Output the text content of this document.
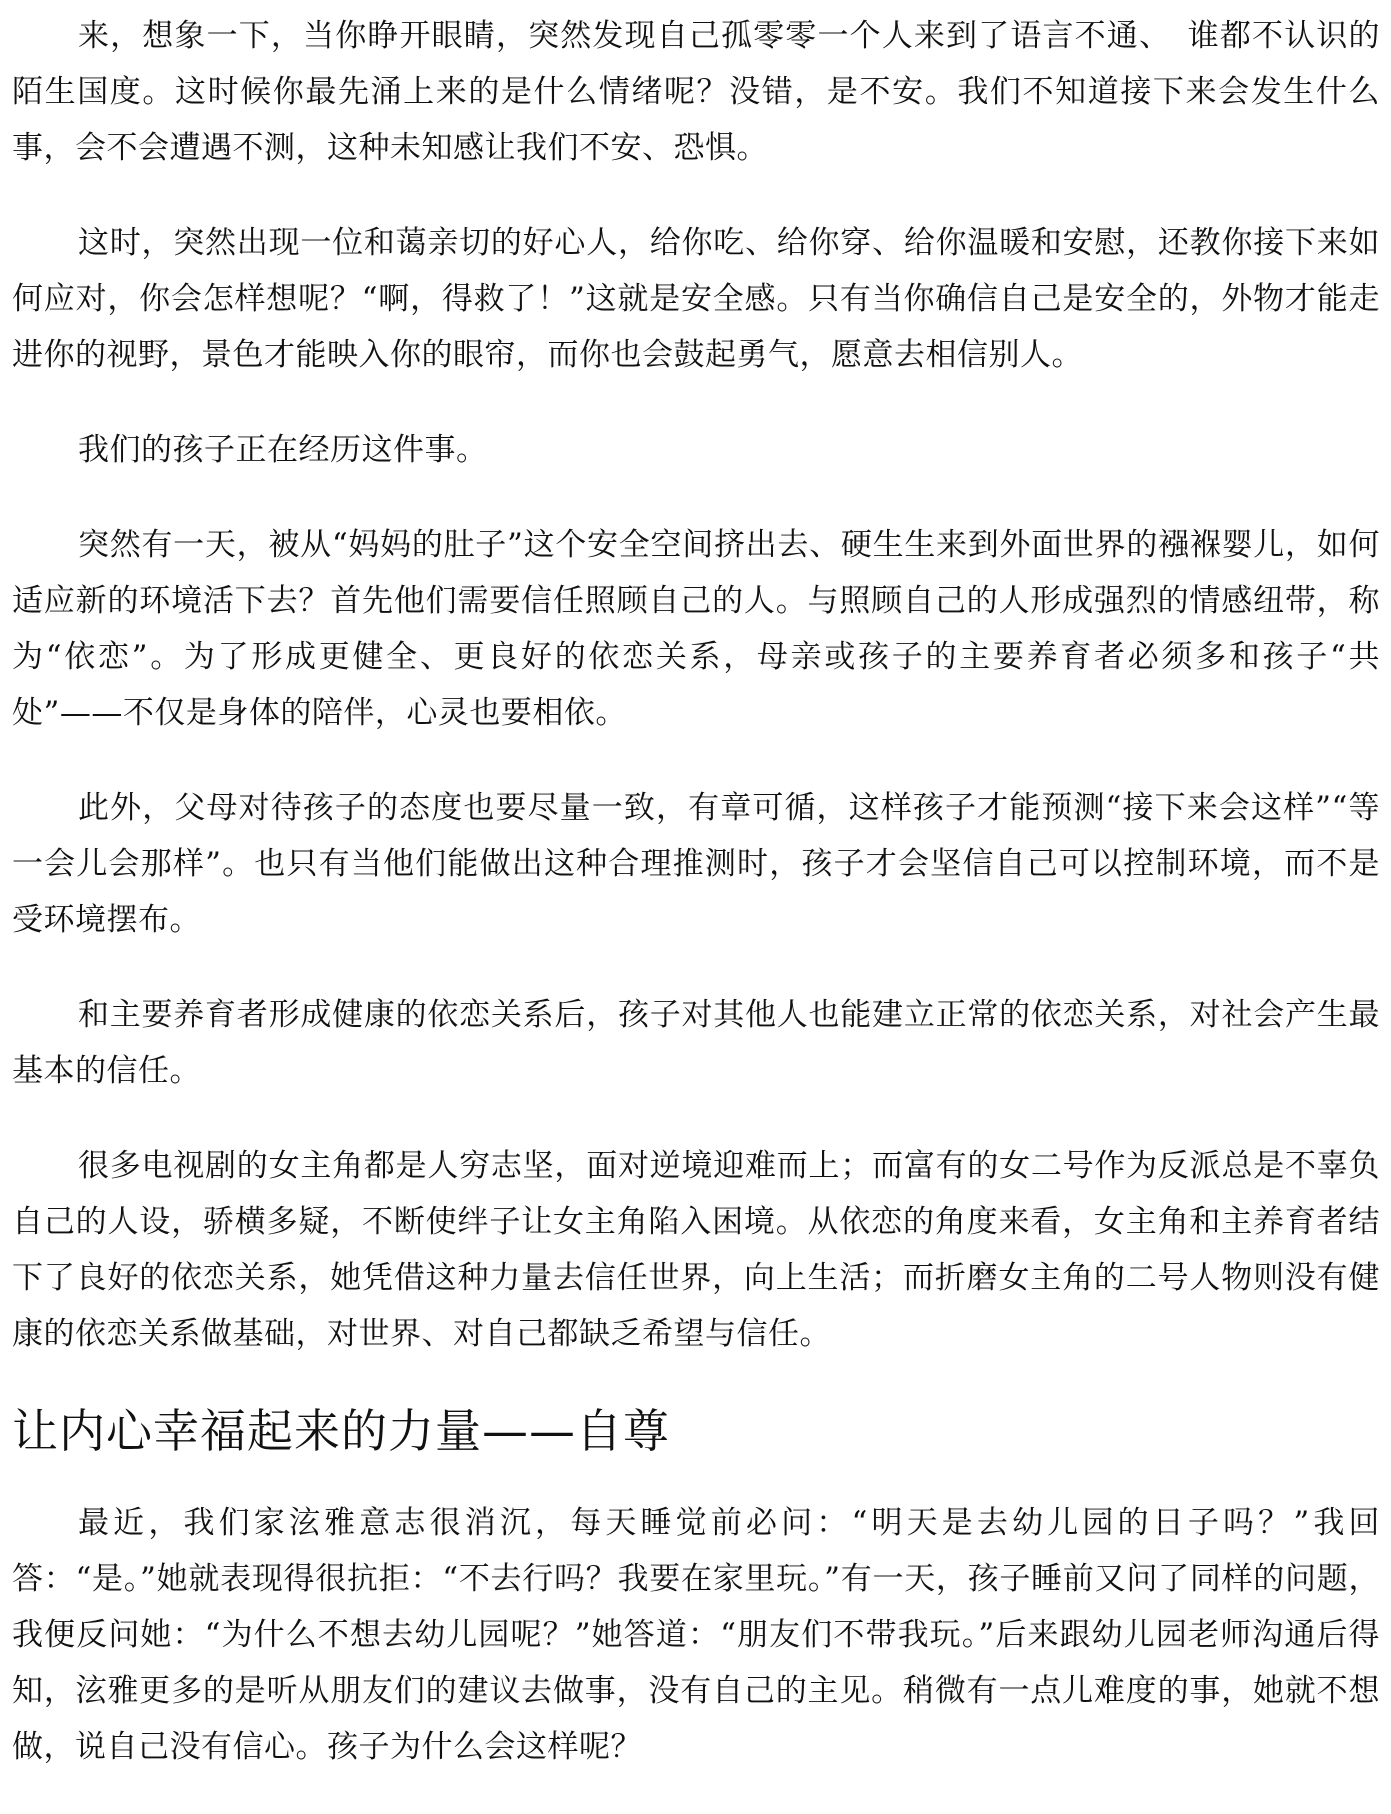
来，想象一下，当你睁开眼睛，突然发现自己孤零零一个人来到了语言不通、　谁都不认识的陌生国度。这时候你最先涌上来的是什么情绪呢？没错，是不安。我们不知道接下来会发生什么事，会不会遭遇不测，这种未知感让我们不安、恐惧。

这时，突然出现一位和蔼亲切的好心人，给你吃、给你穿、给你温暖和安慰，还教你接下来如何应对，你会怎样想呢？“啊，得救了！”这就是安全感。只有当你确信自己是安全的，外物才能走进你的视野，景色才能映入你的眼帘，而你也会鼓起勇气，愿意去相信别人。

我们的孩子正在经历这件事。

突然有一天，被从“妈妈的肚子”这个安全空间挤出去、硬生生来到外面世界的襁褓婴儿，如何适应新的环境活下去？首先他们需要信任照顾自己的人。与照顾自己的人形成强烈的情感纽带，称为“依恋”。为了形成更健全、更良好的依恋关系，母亲或孩子的主要养育者必须多和孩子“共处”——不仅是身体的陪伴，心灵也要相依。

此外，父母对待孩子的态度也要尽量一致，有章可循，这样孩子才能预测“接下来会这样”“等一会儿会那样”。也只有当他们能做出这种合理推测时，孩子才会坚信自己可以控制环境，而不是受环境摆布。

和主要养育者形成健康的依恋关系后，孩子对其他人也能建立正常的依恋关系，对社会产生最基本的信任。

很多电视剧的女主角都是人穷志坚，面对逆境迎难而上；而富有的女二号作为反派总是不辜负自己的人设，骄横多疑，不断使绊子让女主角陷入困境。从依恋的角度来看，女主角和主养育者结下了良好的依恋关系，她凭借这种力量去信任世界，向上生活；而折磨女主角的二号人物则没有健康的依恋关系做基础，对世界、对自己都缺乏希望与信任。

让内心幸福起来的力量——自尊

最近，我们家泫雅意志很消沉，每天睡觉前必问：“明天是去幼儿园的日子吗？”我回答：“是。”她就表现得很抗拒：“不去行吗？我要在家里玩。”有一天，孩子睡前又问了同样的问题，我便反问她：“为什么不想去幼儿园呢？”她答道：“朋友们不带我玩。”后来跟幼儿园老师沟通后得知，泫雅更多的是听从朋友们的建议去做事，没有自己的主见。稍微有一点儿难度的事，她就不想做，说自己没有信心。孩子为什么会这样呢？
